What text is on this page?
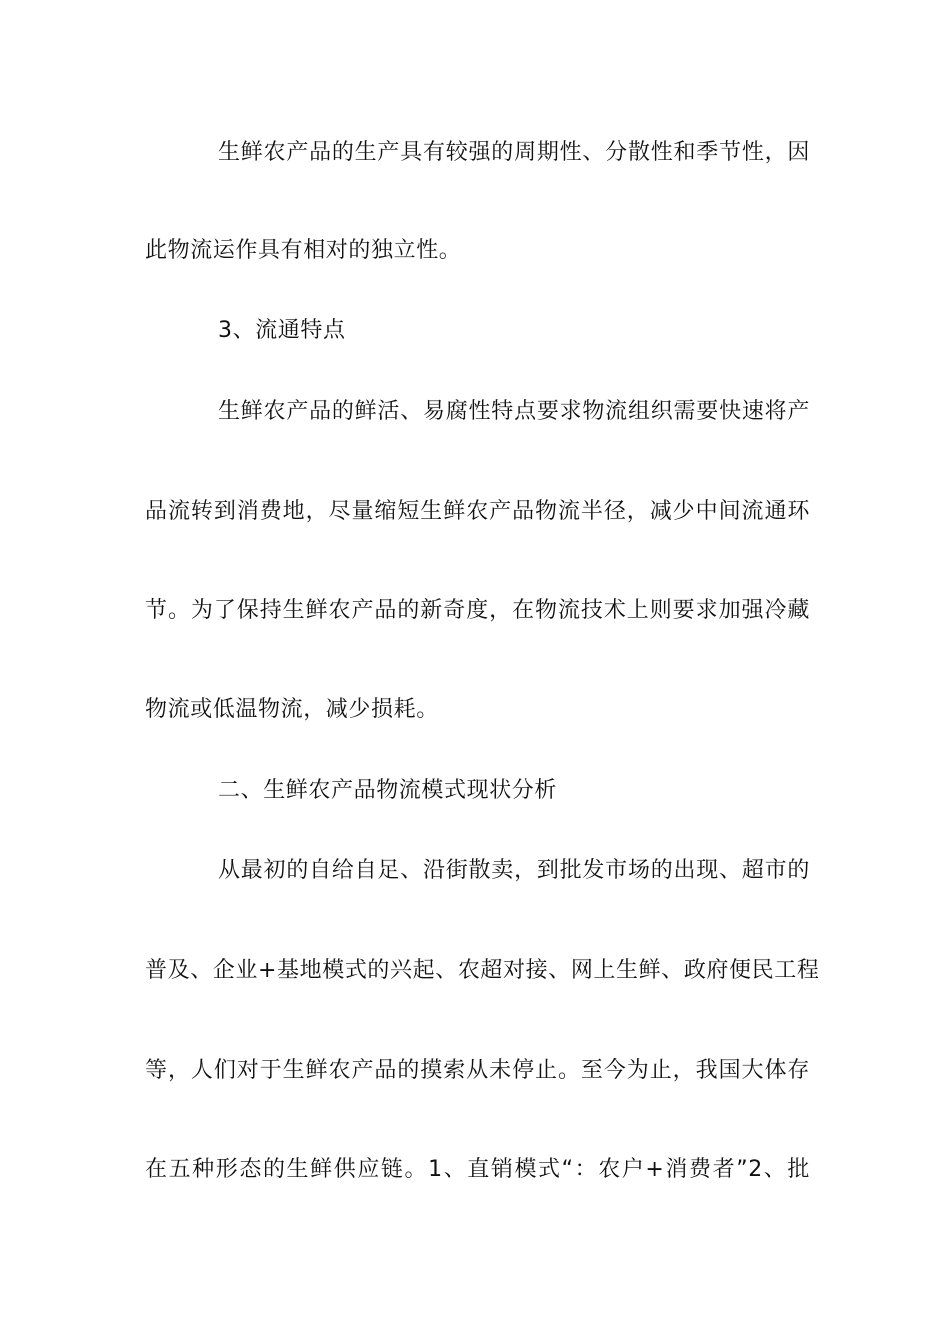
生鲜农产品的生产具有较强的周期性、分散性和季节性，因
此物流运作具有相对的独立性。
3、流通特点
生鲜农产品的鲜活、易腐性特点要求物流组织需要快速将产
品流转到消费地，尽量缩短生鲜农产品物流半径，减少中间流通环
节。为了保持生鲜农产品的新奇度，在物流技术上则要求加强冷藏
物流或低温物流，减少损耗。
二、生鲜农产品物流模式现状分析
从最初的自给自足、沿街散卖，到批发市场的出现、超市的
普及、企业+基地模式的兴起、农超对接、网上生鲜、政府便民工程
等，人们对于生鲜农产品的摸索从未停止。至今为止，我国大体存
在五种形态的生鲜供应链。1、直销模式“：农户+消费者”2、批
